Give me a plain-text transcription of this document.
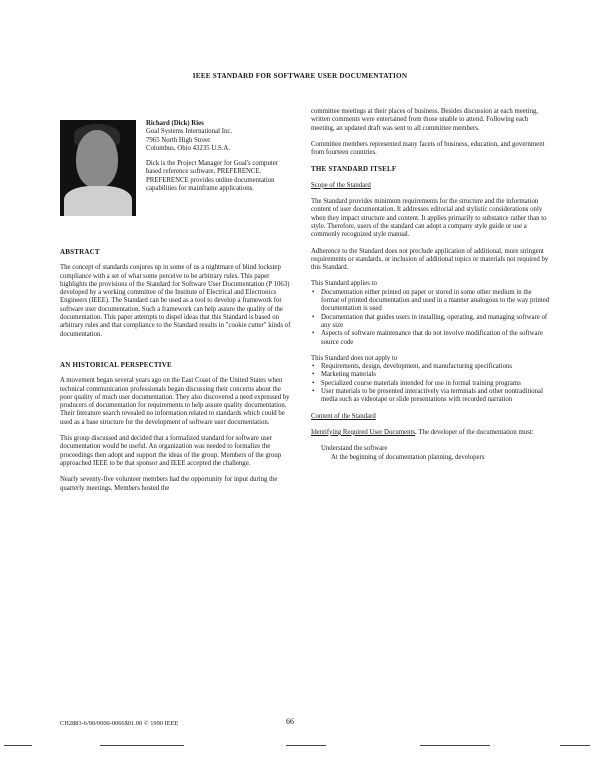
IEEE STANDARD FOR SOFTWARE USER DOCUMENTATION

Richard (Dick) Ries

Goal Systems International Inc.

7965 North High Street

Columbus, Ohio 43235 U.S.A.

Dick is the Project Manager for Goal's computer based reference software, PREFERENCE. PREFERENCE provides online documentation capabilities for mainframe applications.

ABSTRACT

The concept of standards conjures up in some of us a nightmare of blind lockstep compliance with a set of what some perceive to be arbitrary rules. This paper highlights the provisions of the Standard for Software User Documentation (P 1063) developed by a working committee of the Institute of Electrical and Electronics Engineers (IEEE). The Standard can be used as a tool to develop a framework for software user documentation. Such a framework can help assure the quality of the documentation. This paper attempts to dispel ideas that this Standard is based on arbitrary rules and that compliance to the Standard results in "cookie cutter" kinds of documentation.

AN HISTORICAL PERSPECTIVE

A movement began several years ago on the East Coast of the United States when technical communication professionals began discussing their concerns about the poor quality of much user documentation. They also discovered a need expressed by producers of documentation for requirements to help assure quality documentation. Their literature search revealed no information related to standards which could be used as a base structure for the development of software user documentation.

This group discussed and decided that a formalized standard for software user documentation would be useful. An organization was needed to formalize the proceedings then adopt and support the ideas of the group. Members of the group approached IEEE to be that sponsor and IEEE accepted the challenge.

Nearly seventy-five volunteer members had the opportunity for input during the quarterly meetings. Members hosted the

committee meetings at their places of business. Besides discussion at each meeting, written comments were entertained from those unable to attend. Following each meeting, an updated draft was sent to all committee members.

Committee members represented many facets of business, education, and government from fourteen countries.

THE STANDARD ITSELF
Scope of the Standard

The Standard provides minimum requirements for the structure and the information content of user documentation. It addresses editorial and stylistic considerations only when they impact structure and content. It applies primarily to substance rather than to style. Therefore, users of the standard can adopt a company style guide or use a commonly recognized style manual.

Adherence to the Standard does not preclude application of additional, more stringent requirements or standards, or inclusion of additional topics or materials not required by this Standard.

This Standard applies to

• Documentation either printed on paper or stored in some other medium in the format of printed documentation and used in a manner analogous to the way printed documentation is used
• Documentation that guides users in installing, operating, and managing software of any size
• Aspects of software maintenance that do not involve modification of the software source code

This Standard does not apply to

• Requirements, design, development, and manufacturing specifications
• Marketing materials
• Specialized course materials intended for use in formal training programs
• User materials to be presented interactively via terminals and other nontraditional media such as videotape or slide presentations with recorded narration
Content of the Standard

Identifying Required User Documents. The developer of the documentation must:

Understand the software

At the beginning of documentation planning, developers

CH2883-6/90/0000-0066$01.00 © 1990 IEEE	66
